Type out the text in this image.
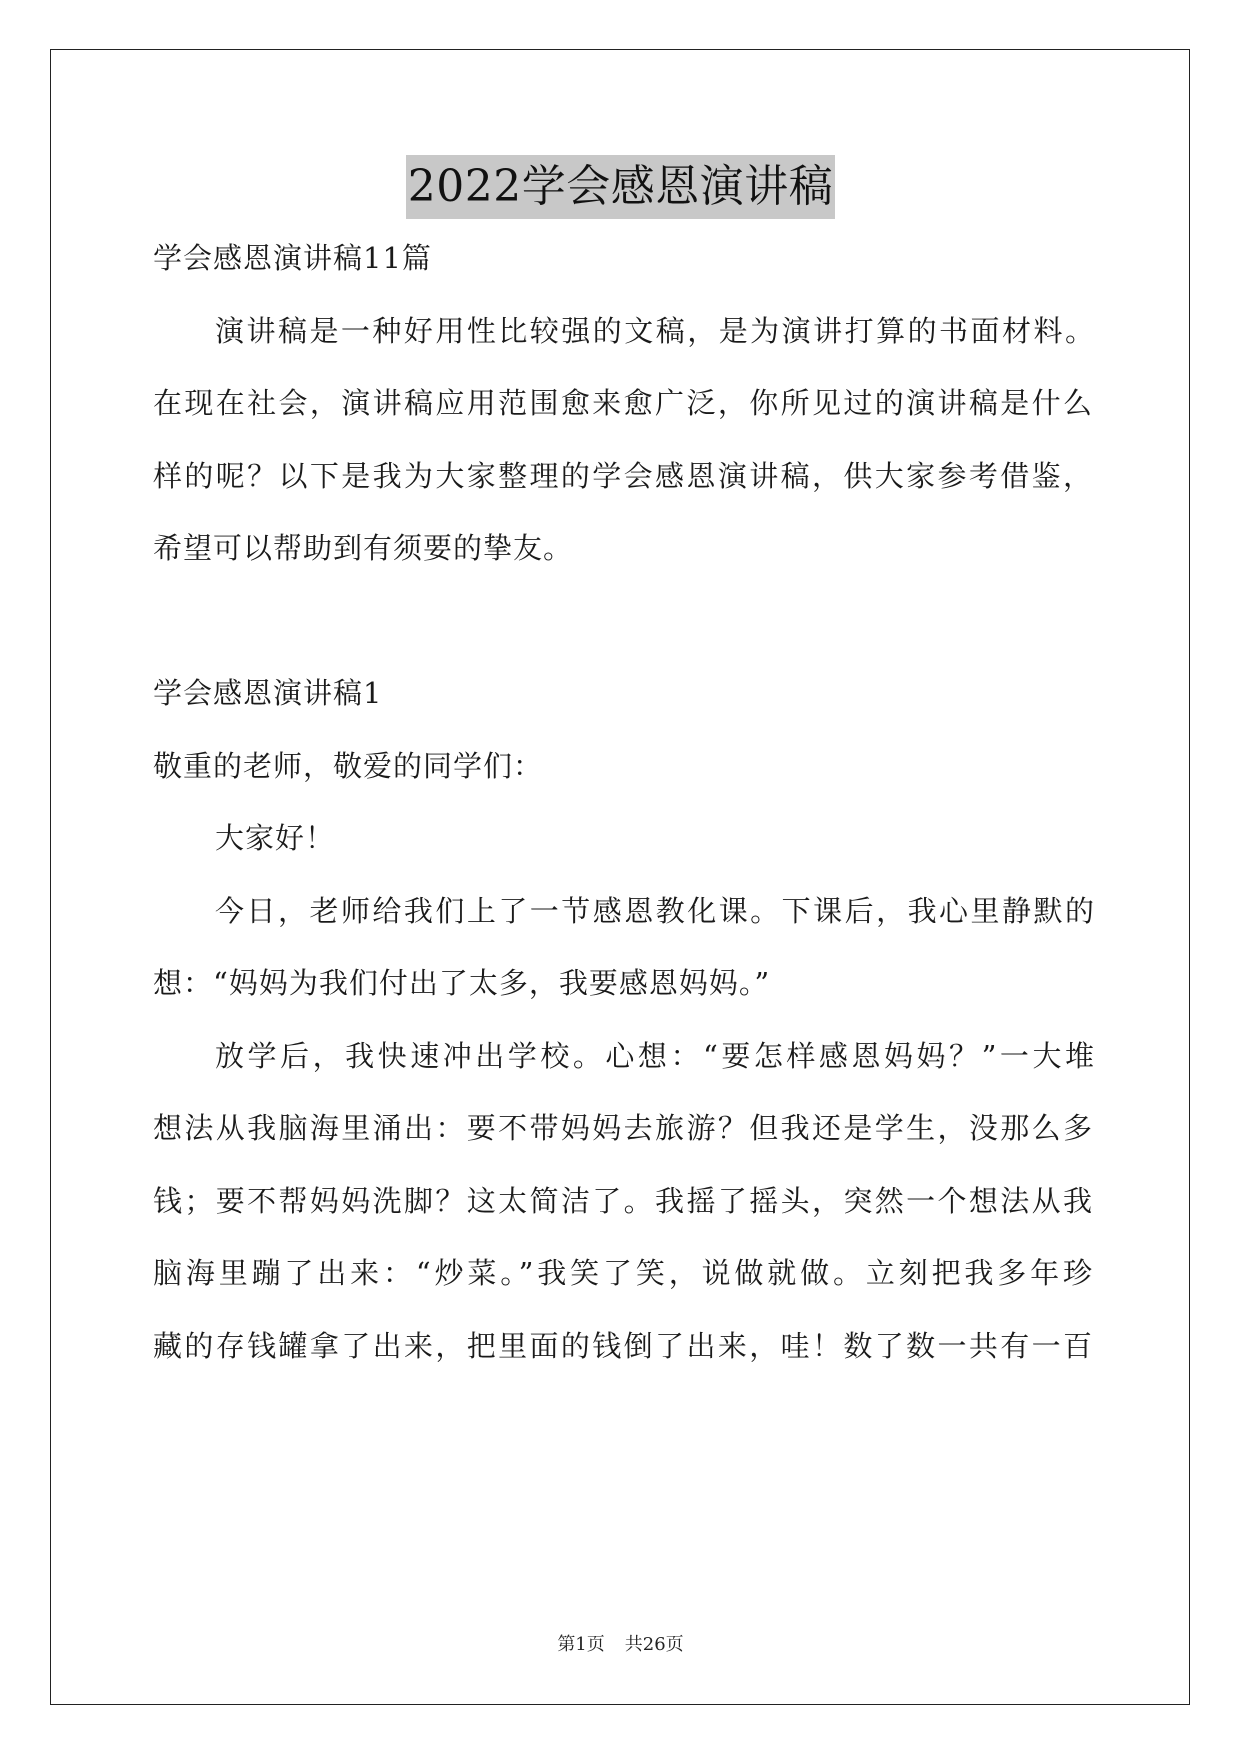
2022学会感恩演讲稿
学会感恩演讲稿11篇
演讲稿是一种好用性比较强的文稿，是为演讲打算的书面材料。
在现在社会，演讲稿应用范围愈来愈广泛，你所见过的演讲稿是什么
样的呢？以下是我为大家整理的学会感恩演讲稿，供大家参考借鉴，
希望可以帮助到有须要的挚友。
学会感恩演讲稿1
敬重的老师，敬爱的同学们：
大家好！
今日，老师给我们上了一节感恩教化课。下课后，我心里静默的
想：“妈妈为我们付出了太多，我要感恩妈妈。”
放学后，我快速冲出学校。心想：“要怎样感恩妈妈？”一大堆
想法从我脑海里涌出：要不带妈妈去旅游？但我还是学生，没那么多
钱；要不帮妈妈洗脚？这太简洁了。我摇了摇头，突然一个想法从我
脑海里蹦了出来：“炒菜。”我笑了笑，说做就做。立刻把我多年珍
藏的存钱罐拿了出来，把里面的钱倒了出来，哇！数了数一共有一百
第1页 共26页
